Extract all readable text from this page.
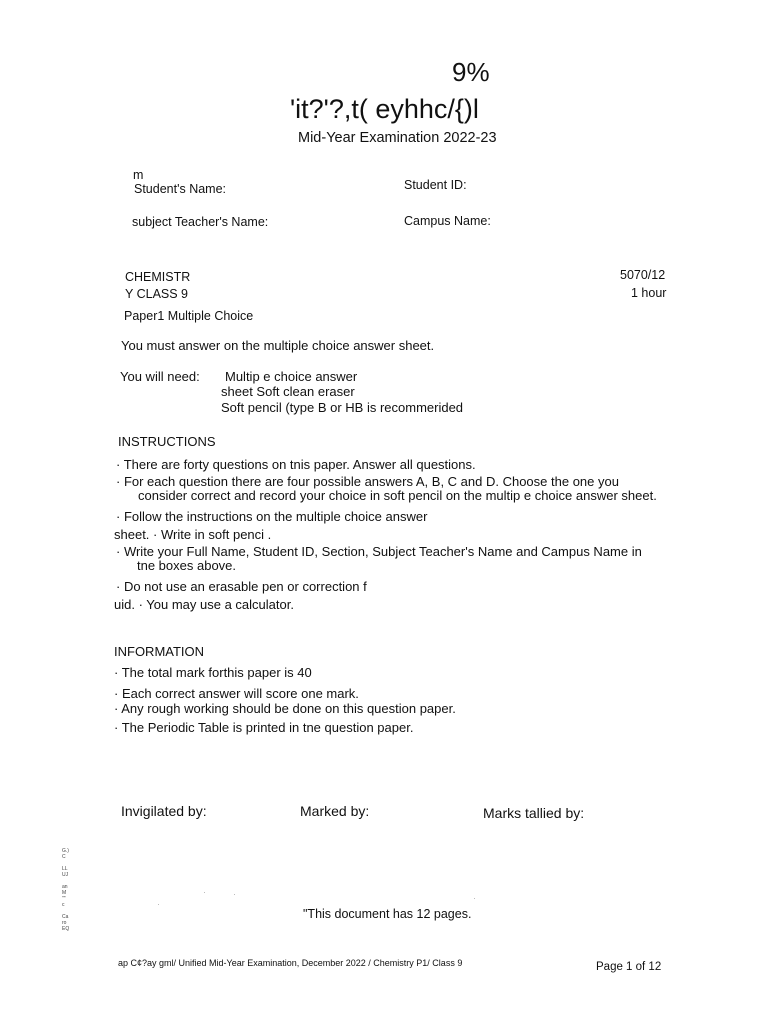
9%
'it?'?,t( eyhhc/{)l
Mid-Year Examination 2022-23
m
Student's Name:	Student ID:
subject Teacher's Name:	Campus Name:
CHEMISTR
Y CLASS 9
5070/12
1 hour
Paper1 Multiple Choice
You must answer on the multiple choice answer sheet.
You will need: Multip e choice answer
sheet Soft clean eraser
Soft pencil (type B or HB is recommerided
INSTRUCTIONS
· There are forty questions on tnis paper. Answer all questions.
· For each question there are four possible answers A, B, C and D. Choose the one you
consider correct and record your choice in soft pencil on the multip e choice answer sheet.
· Follow the instructions on the multiple choice answer
sheet. · Write in soft penci .
· Write your Full Name, Student ID, Section, Subject Teacher's Name and Campus Name in
tne boxes above.
· Do not use an erasable pen or correction f
uid. · You may use a calculator.
INFORMATION
· The total mark forthis paper is 40
· Each correct answer will score one mark.
· Any rough working should be done on this question paper.
· The Periodic Table is printed in tne question paper.
Invigilated by:	Marked by:	Marks tallied by:
G.)
C

LL
UJ

an
M
""
c

Ca
ro
EQ
"This document has 12 pages.
ap C¢?ay gml/ Unified Mid-Year Examination, December 2022 / Chemistry P1/ Class 9	Page 1 of 12
